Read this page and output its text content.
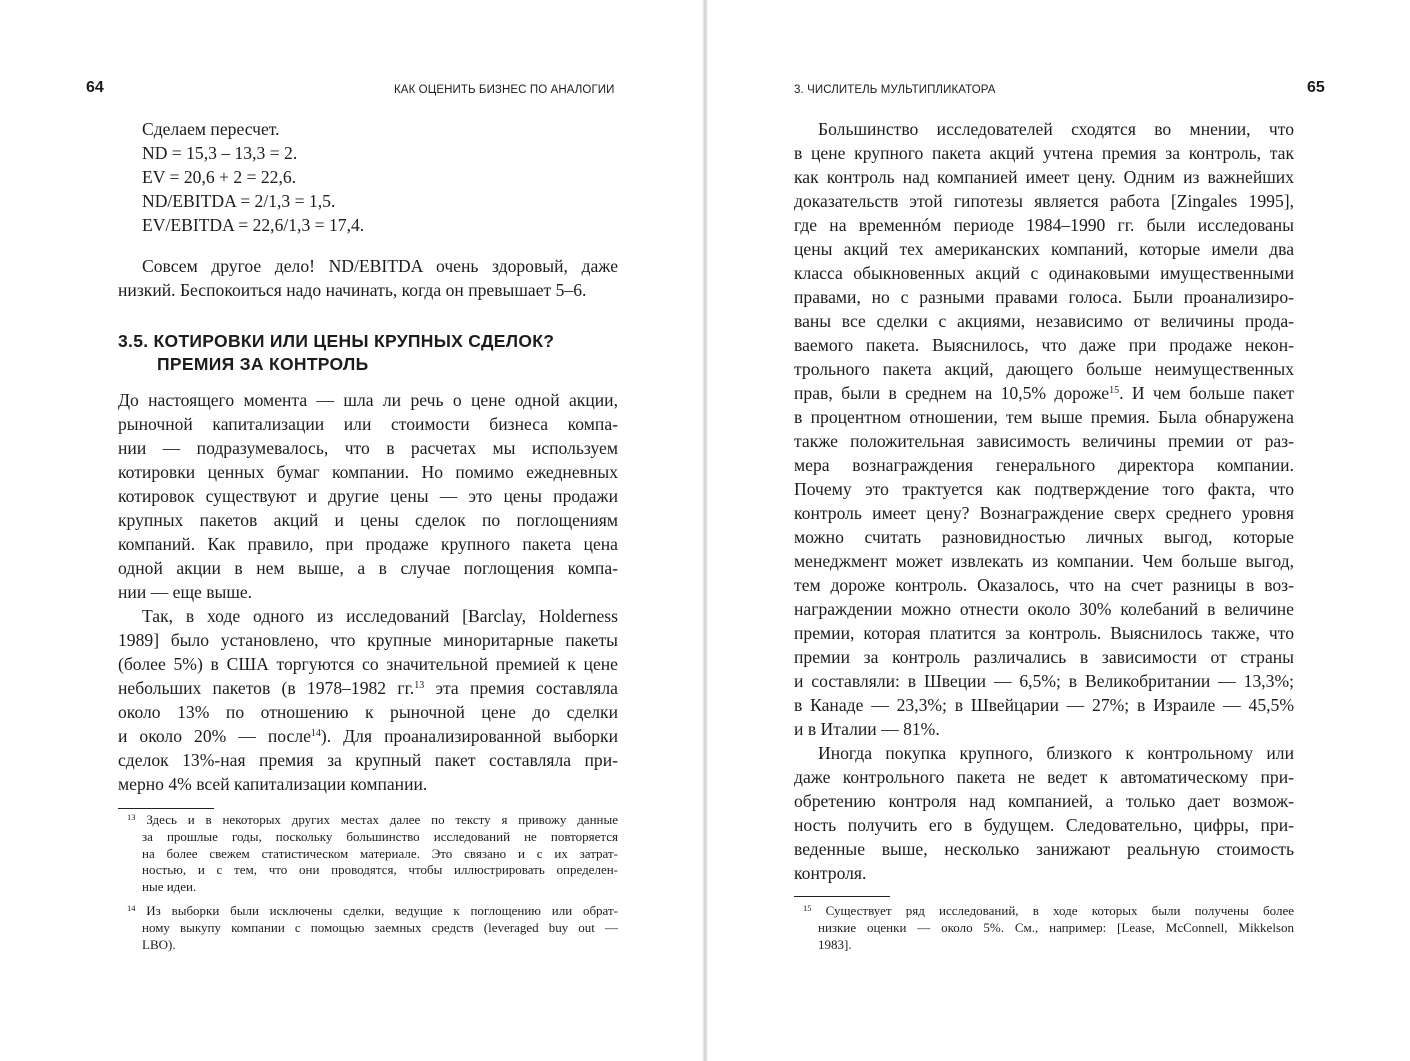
64	КАК ОЦЕНИТЬ БИЗНЕС ПО АНАЛОГИИ
Сделаем пересчет.
ND = 15,3 – 13,3 = 2.
EV = 20,6 + 2 = 22,6.
ND/EBITDA = 2/1,3 = 1,5.
EV/EBITDA = 22,6/1,3 = 17,4.
Совсем другое дело! ND/EBITDA очень здоровый, даже
низкий. Беспокоиться надо начинать, когда он превышает 5–6.
3.5. КОТИРОВКИ ИЛИ ЦЕНЫ КРУПНЫХ СДЕЛОК?
ПРЕМИЯ ЗА КОНТРОЛЬ
До настоящего момента — шла ли речь о цене одной акции,
рыночной капитализации или стоимости бизнеса компа-
нии — подразумевалось, что в расчетах мы используем
котировки ценных бумаг компании. Но помимо ежедневных
котировок существуют и другие цены — это цены продажи
крупных пакетов акций и цены сделок по поглощениям
компаний. Как правило, при продаже крупного пакета цена
одной акции в нем выше, а в случае поглощения компа-
нии — еще выше.
Так, в ходе одного из исследований [Barclay, Holderness
1989] было установлено, что крупные миноритарные пакеты
(более 5%) в США торгуются со значительной премией к цене
небольших пакетов (в 1978–1982 гг.$^{13}$ эта премия составляла
около 13% по отношению к рыночной цене до сделки
и около 20% — после$^{14}$). Для проанализированной выборки
сделок 13%-ная премия за крупный пакет составляла при-
мерно 4% всей капитализации компании.
$^{13}$ Здесь и в некоторых других местах далее по тексту я привожу данные
за прошлые годы, поскольку большинство исследований не повторяется
на более свежем статистическом материале. Это связано и с их затрат-
ностью, и с тем, что они проводятся, чтобы иллюстрировать определен-
ные идеи.
$^{14}$ Из выборки были исключены сделки, ведущие к поглощению или обрат-
ному выкупу компании с помощью заемных средств (leveraged buy out —
LBO).
3. ЧИСЛИТЕЛЬ МУЛЬТИПЛИКАТОРА	65
Большинство исследователей сходятся во мнении, что
в цене крупного пакета акций учтена премия за контроль, так
как контроль над компанией имеет цену. Одним из важнейших
доказательств этой гипотезы является работа [Zingales 1995],
где на временнóм периоде 1984–1990 гг. были исследованы
цены акций тех американских компаний, которые имели два
класса обыкновенных акций с одинаковыми имущественными
правами, но с разными правами голоса. Были проанализиро-
ваны все сделки с акциями, независимо от величины прода-
ваемого пакета. Выяснилось, что даже при продаже некон-
трольного пакета акций, дающего больше неимущественных
прав, были в среднем на 10,5% дороже$^{15}$. И чем больше пакет
в процентном отношении, тем выше премия. Была обнаружена
также положительная зависимость величины премии от раз-
мера вознаграждения генерального директора компании.
Почему это трактуется как подтверждение того факта, что
контроль имеет цену? Вознаграждение сверх среднего уровня
можно считать разновидностью личных выгод, которые
менеджмент может извлекать из компании. Чем больше выгод,
тем дороже контроль. Оказалось, что на счет разницы в воз-
награждении можно отнести около 30% колебаний в величине
премии, которая платится за контроль. Выяснилось также, что
премии за контроль различались в зависимости от страны
и составляли: в Швеции — 6,5%; в Великобритании — 13,3%;
в Канаде — 23,3%; в Швейцарии — 27%; в Израиле — 45,5%
и в Италии — 81%.
Иногда покупка крупного, близкого к контрольному или
даже контрольного пакета не ведет к автоматическому при-
обретению контроля над компанией, а только дает возмож-
ность получить его в будущем. Следовательно, цифры, при-
веденные выше, несколько занижают реальную стоимость
контроля.
$^{15}$ Существует ряд исследований, в ходе которых были получены более
низкие оценки — около 5%. См., например: [Lease, McConnell, Mikkelson
1983].
